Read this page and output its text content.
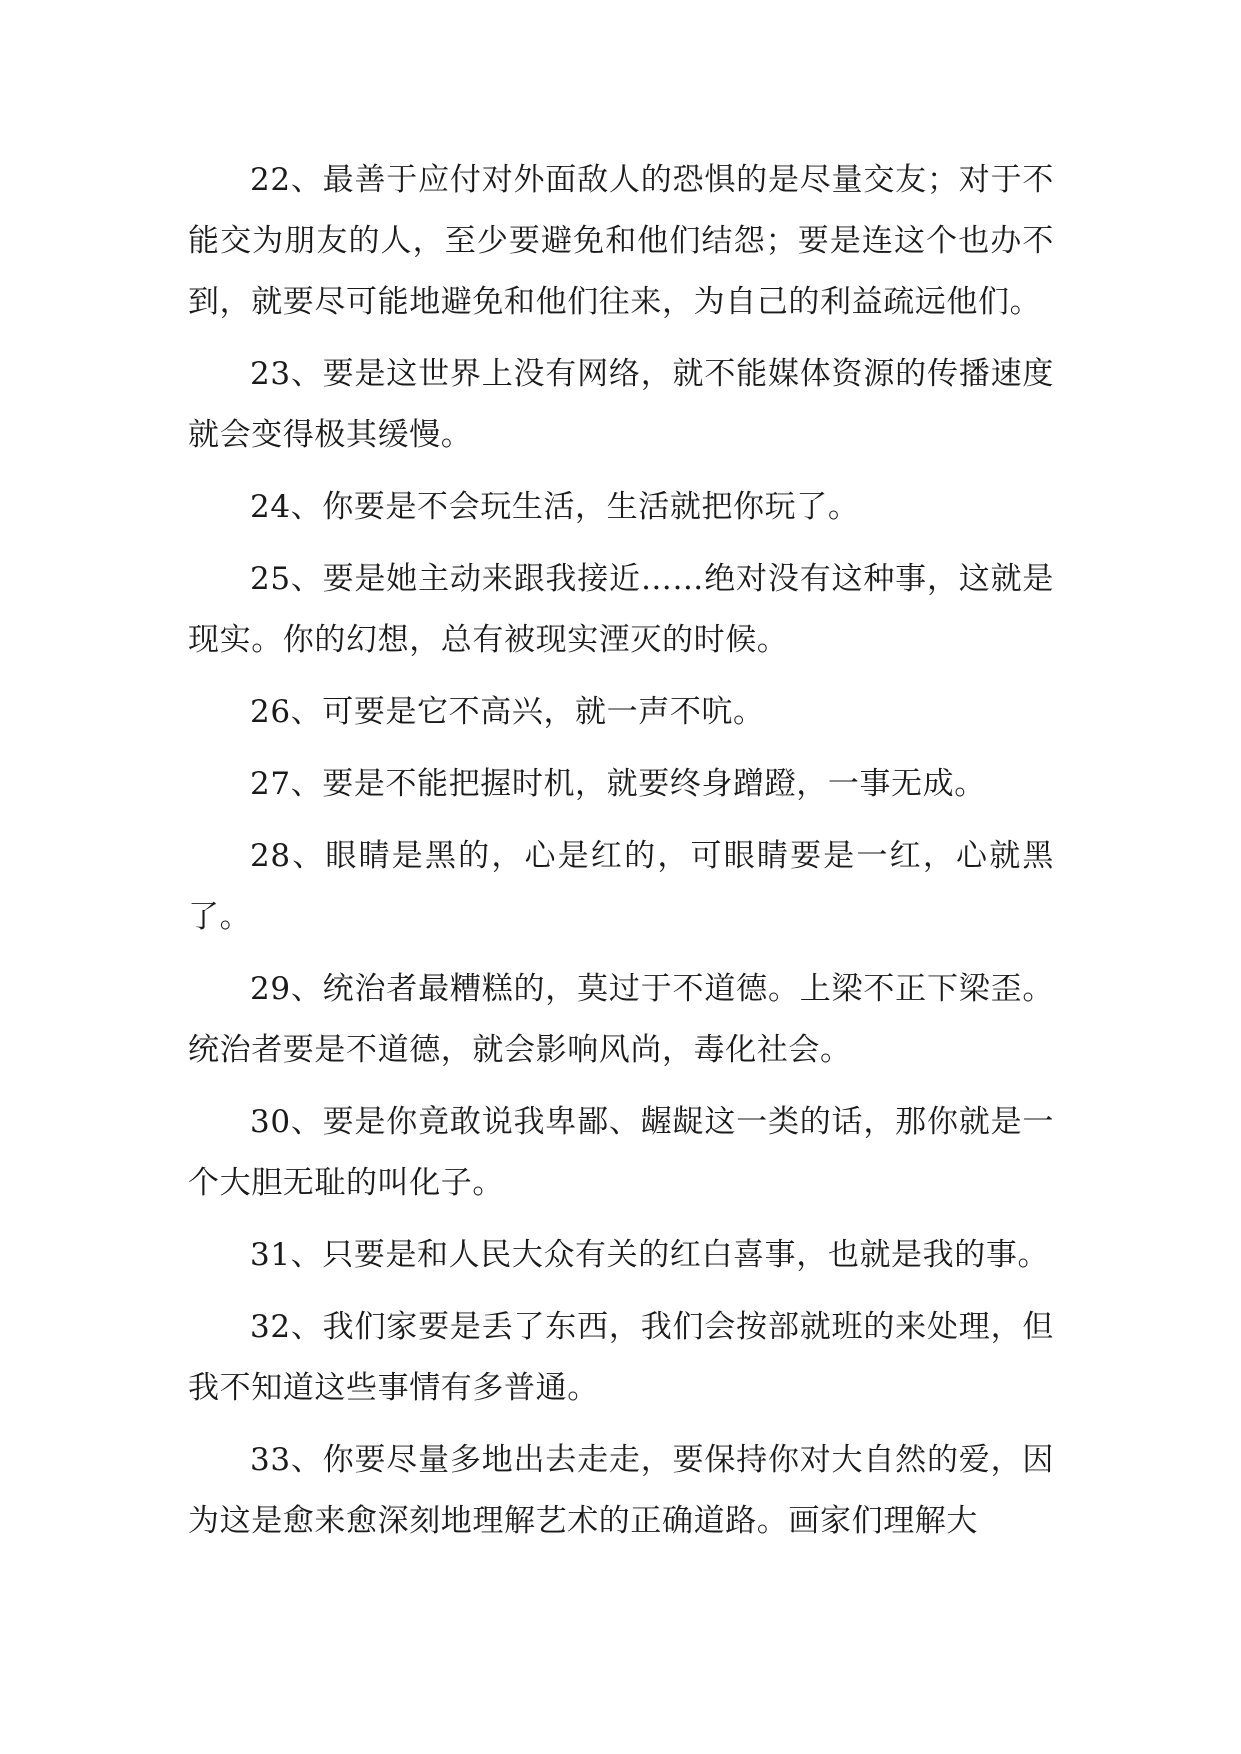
22、最善于应付对外面敌人的恐惧的是尽量交友；对于不能交为朋友的人，至少要避免和他们结怨；要是连这个也办不到，就要尽可能地避免和他们往来，为自己的利益疏远他们。

23、要是这世界上没有网络，就不能媒体资源的传播速度就会变得极其缓慢。

24、你要是不会玩生活，生活就把你玩了。

25、要是她主动来跟我接近……绝对没有这种事，这就是现实。你的幻想，总有被现实湮灭的时候。

26、可要是它不高兴，就一声不吭。

27、要是不能把握时机，就要终身蹭蹬，一事无成。

28、眼睛是黑的，心是红的，可眼睛要是一红，心就黑了。

29、统治者最糟糕的，莫过于不道德。上梁不正下梁歪。统治者要是不道德，就会影响风尚，毒化社会。

30、要是你竟敢说我卑鄙、龌龊这一类的话，那你就是一个大胆无耻的叫化子。

31、只要是和人民大众有关的红白喜事，也就是我的事。

32、我们家要是丢了东西，我们会按部就班的来处理，但我不知道这些事情有多普通。

33、你要尽量多地出去走走，要保持你对大自然的爱，因为这是愈来愈深刻地理解艺术的正确道路。画家们理解大
